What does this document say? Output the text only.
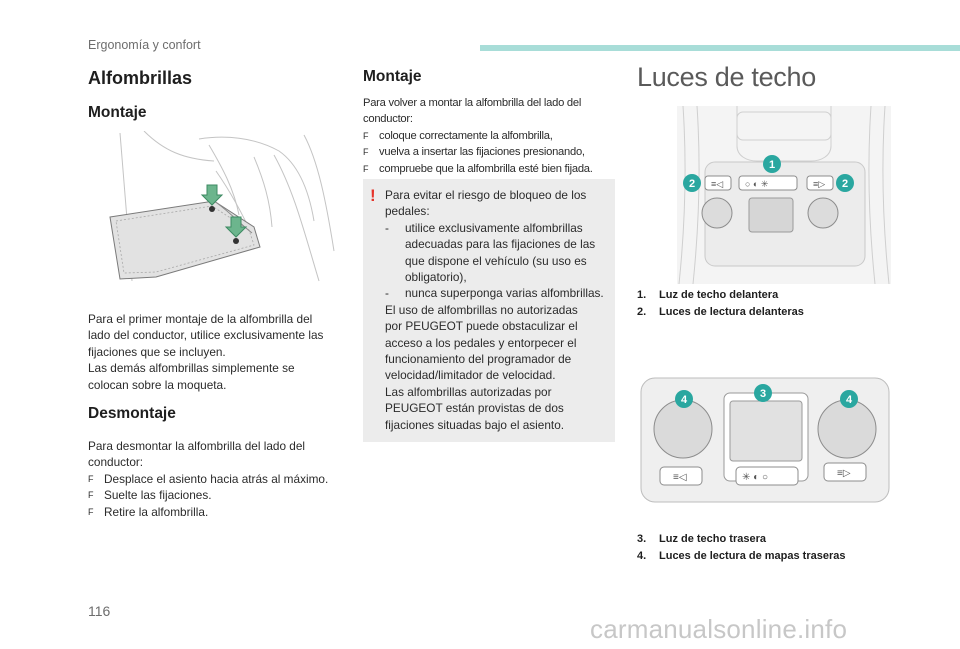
Ergonomía y confort
Alfombrillas
Montaje
Para el primer montaje de la alfombrilla del
lado del conductor, utilice exclusivamente las
fijaciones que se incluyen.
Las demás alfombrillas simplemente se
colocan sobre la moqueta.
Desmontaje
Para desmontar la alfombrilla del lado del
conductor:
F Desplace el asiento hacia atrás al máximo.
F Suelte las fijaciones.
F Retire la alfombrilla.
Montaje
Para volver a montar la alfombrilla del lado del
conductor:
F coloque correctamente la alfombrilla,
F vuelva a insertar las fijaciones presionando,
F compruebe que la alfombrilla esté bien fijada.
Para evitar el riesgo de bloqueo de los
pedales:
-	utilice exclusivamente alfombrillas
adecuadas para las fijaciones de las
que dispone el vehículo (su uso es
obligatorio),
-	nunca superponga varias alfombrillas.
El uso de alfombrillas no autorizadas
por PEUGEOT puede obstaculizar el
acceso a los pedales y entorpecer el
funcionamiento del programador de
velocidad/limitador de velocidad.
Las alfombrillas autorizadas por
PEUGEOT están provistas de dos
fijaciones situadas bajo el asiento.
!
Luces de techo
≡◁ ○ ◐ ✳	≡▷
1
2	2
1.	Luz de techo delantera
2.	Luces de lectura delanteras
≡◁	✳ ◐ ○	≡▷
4	3	4
3.	Luz de techo trasera
4.	Luces de lectura de mapas traseras
116
carmanualsonline.info
